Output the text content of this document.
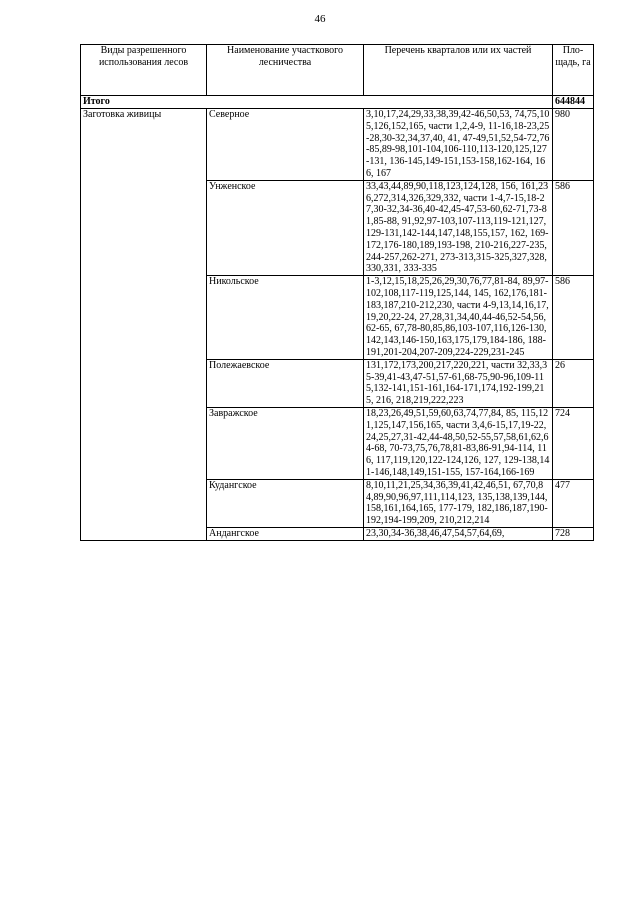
46
Виды разрешенного использования лесов	Наименование участкового лесничества	Перечень кварталов или их частей	Пло-щадь, га
Итого			644844
Заготовка живицы	Северное	3,10,17,24,29,33,38,39,42-46,50,53, 74,75,105,126,152,165, части 1,2,4-9, 11-16,18-23,25-28,30-32,34,37,40, 41, 47-49,51,52,54-72,76-85,89-98,101-104,106-110,113-120,125,127-131, 136-145,149-151,153-158,162-164, 166, 167	980
	Унженское	33,43,44,89,90,118,123,124,128, 156, 161,236,272,314,326,329,332, части 1-4,7-15,18-27,30-32,34-36,40-42,45-47,53-60,62-71,73-81,85-88, 91,92,97-103,107-113,119-121,127, 129-131,142-144,147,148,155,157, 162, 169-172,176-180,189,193-198, 210-216,227-235,244-257,262-271, 273-313,315-325,327,328,330,331, 333-335	586
	Никольское	1-3,12,15,18,25,26,29,30,76,77,81-84, 89,97-102,108,117-119,125,144, 145, 162,176,181-183,187,210-212,230, части 4-9,13,14,16,17,19,20,22-24, 27,28,31,34,40,44-46,52-54,56,62-65, 67,78-80,85,86,103-107,116,126-130, 142,143,146-150,163,175,179,184-186, 188-191,201-204,207-209,224-229,231-245	586
	Полежаевское	131,172,173,200,217,220,221, части 32,33,35-39,41-43,47-51,57-61,68-75,90-96,109-115,132-141,151-161,164-171,174,192-199,215, 216, 218,219,222,223	26
	Завражское	18,23,26,49,51,59,60,63,74,77,84, 85, 115,121,125,147,156,165, части 3,4,6-15,17,19-22,24,25,27,31-42,44-48,50,52-55,57,58,61,62,64-68, 70-73,75,76,78,81-83,86-91,94-114, 116, 117,119,120,122-124,126, 127, 129-138,141-146,148,149,151-155, 157-164,166-169	724
	Кудангское	8,10,11,21,25,34,36,39,41,42,46,51, 67,70,84,89,90,96,97,111,114,123, 135,138,139,144,158,161,164,165, 177-179, 182,186,187,190-192,194-199,209, 210,212,214	477
	Андангское	23,30,34-36,38,46,47,54,57,64,69,	728
